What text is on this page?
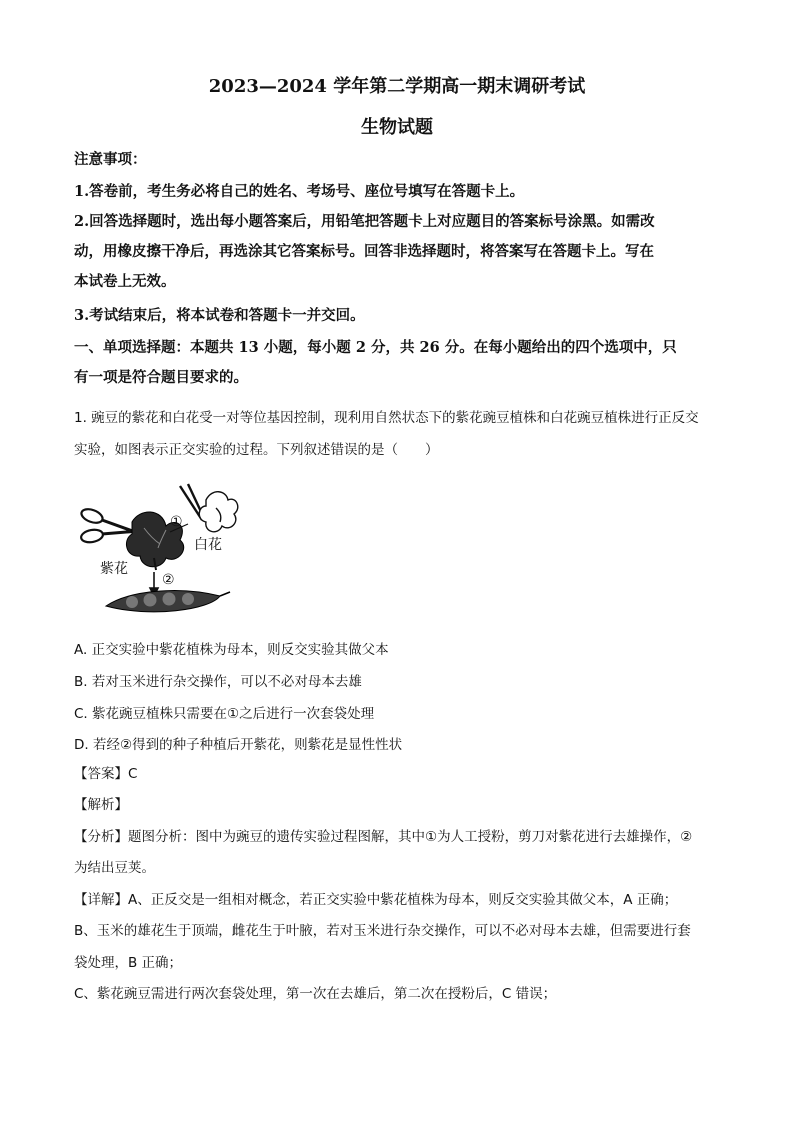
2023—2024 学年第二学期高一期末调研考试
生物试题
注意事项：
1.答卷前，考生务必将自己的姓名、考场号、座位号填写在答题卡上。
2.回答选择题时，选出每小题答案后，用铅笔把答题卡上对应题目的答案标号涂黑。如需改
动，用橡皮擦干净后，再选涂其它答案标号。回答非选择题时，将答案写在答题卡上。写在
本试卷上无效。
3.考试结束后，将本试卷和答题卡一并交回。
一、单项选择题：本题共 13 小题，每小题 2 分，共 26 分。在每小题给出的四个选项中，只
有一项是符合题目要求的。
1. 豌豆的紫花和白花受一对等位基因控制，现利用自然状态下的紫花豌豆植株和白花豌豆植株进行正反交
实验，如图表示正交实验的过程。下列叙述错误的是（　　）
①
白花
紫花
②
A. 正交实验中紫花植株为母本，则反交实验其做父本
B. 若对玉米进行杂交操作，可以不必对母本去雄
C. 紫花豌豆植株只需要在①之后进行一次套袋处理
D. 若经②得到的种子种植后开紫花，则紫花是显性性状
【答案】C
【解析】
【分析】题图分析：图中为豌豆的遗传实验过程图解，其中①为人工授粉，剪刀对紫花进行去雄操作，②
为结出豆荚。
【详解】A、正反交是一组相对概念，若正交实验中紫花植株为母本，则反交实验其做父本，A 正确；
B、玉米的雄花生于顶端，雌花生于叶腋，若对玉米进行杂交操作，可以不必对母本去雄，但需要进行套
袋处理，B 正确；
C、紫花豌豆需进行两次套袋处理，第一次在去雄后，第二次在授粉后，C 错误；
